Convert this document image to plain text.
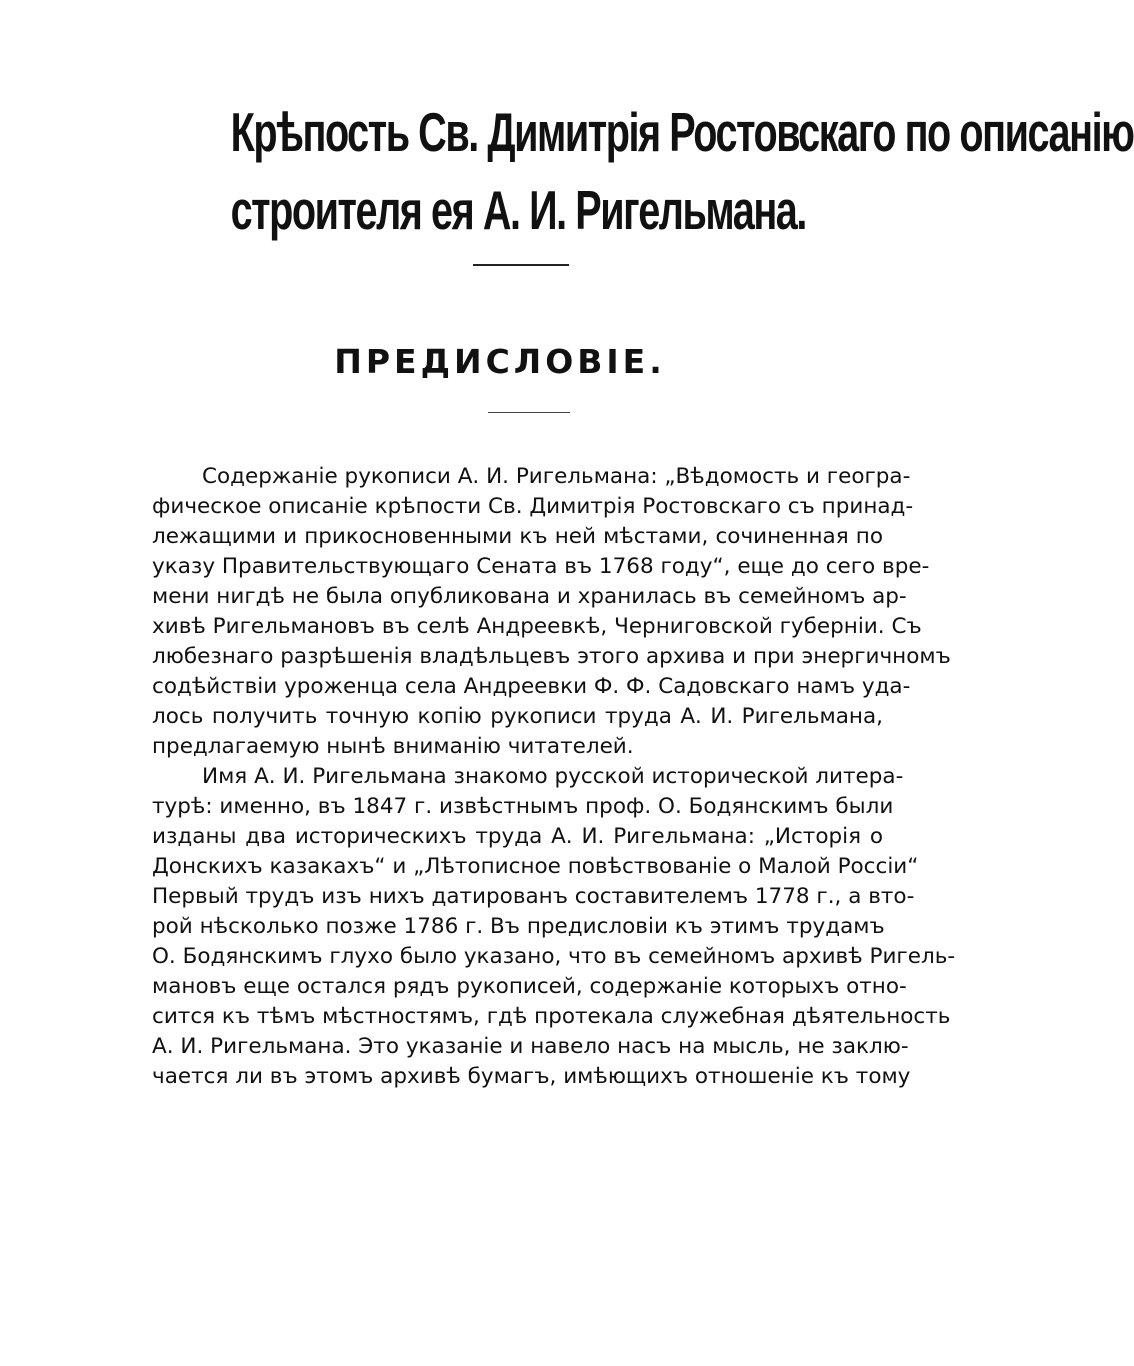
Крѣпость Св. Димитрія Ростовскаго по описанію
строителя ея А. И. Ригельмана.
ПРЕДИСЛОВІЕ.
Содержаніе рукописи А. И. Ригельмана: „Вѣдомость и геогра-
фическое описаніе крѣпости Св. Димитрія Ростовскаго съ принад-
лежащими и прикосновенными къ ней мѣстами, сочиненная по
указу Правительствующаго Сената въ 1768 году“, еще до сего вре-
мени нигдѣ не была опубликована и хранилась въ семейномъ ар-
хивѣ Ригельмановъ въ селѣ Андреевкѣ, Черниговской губерніи. Съ
любезнаго разрѣшенія владѣльцевъ этого архива и при энергичномъ
содѣйствіи уроженца села Андреевки Ф. Ф. Садовскаго намъ уда-
лось получить точную копію рукописи труда А. И. Ригельмана,
предлагаемую нынѣ вниманію читателей.
Имя А. И. Ригельмана знакомо русской исторической литера-
турѣ: именно, въ 1847 г. извѣстнымъ проф. О. Бодянскимъ были
изданы два историческихъ труда А. И. Ригельмана: „Исторія о
Донскихъ казакахъ“ и „Лѣтописное повѣствованіе о Малой Россіи“
Первый трудъ изъ нихъ датированъ составителемъ 1778 г., а вто-
рой нѣсколько позже 1786 г. Въ предисловіи къ этимъ трудамъ
О. Бодянскимъ глухо было указано, что въ семейномъ архивѣ Ригель-
мановъ еще остался рядъ рукописей, содержаніе которыхъ отно-
сится къ тѣмъ мѣстностямъ, гдѣ протекала служебная дѣятельность
А. И. Ригельмана. Это указаніе и навело насъ на мысль, не заклю-
чается ли въ этомъ архивѣ бумагъ, имѣющихъ отношеніе къ тому
